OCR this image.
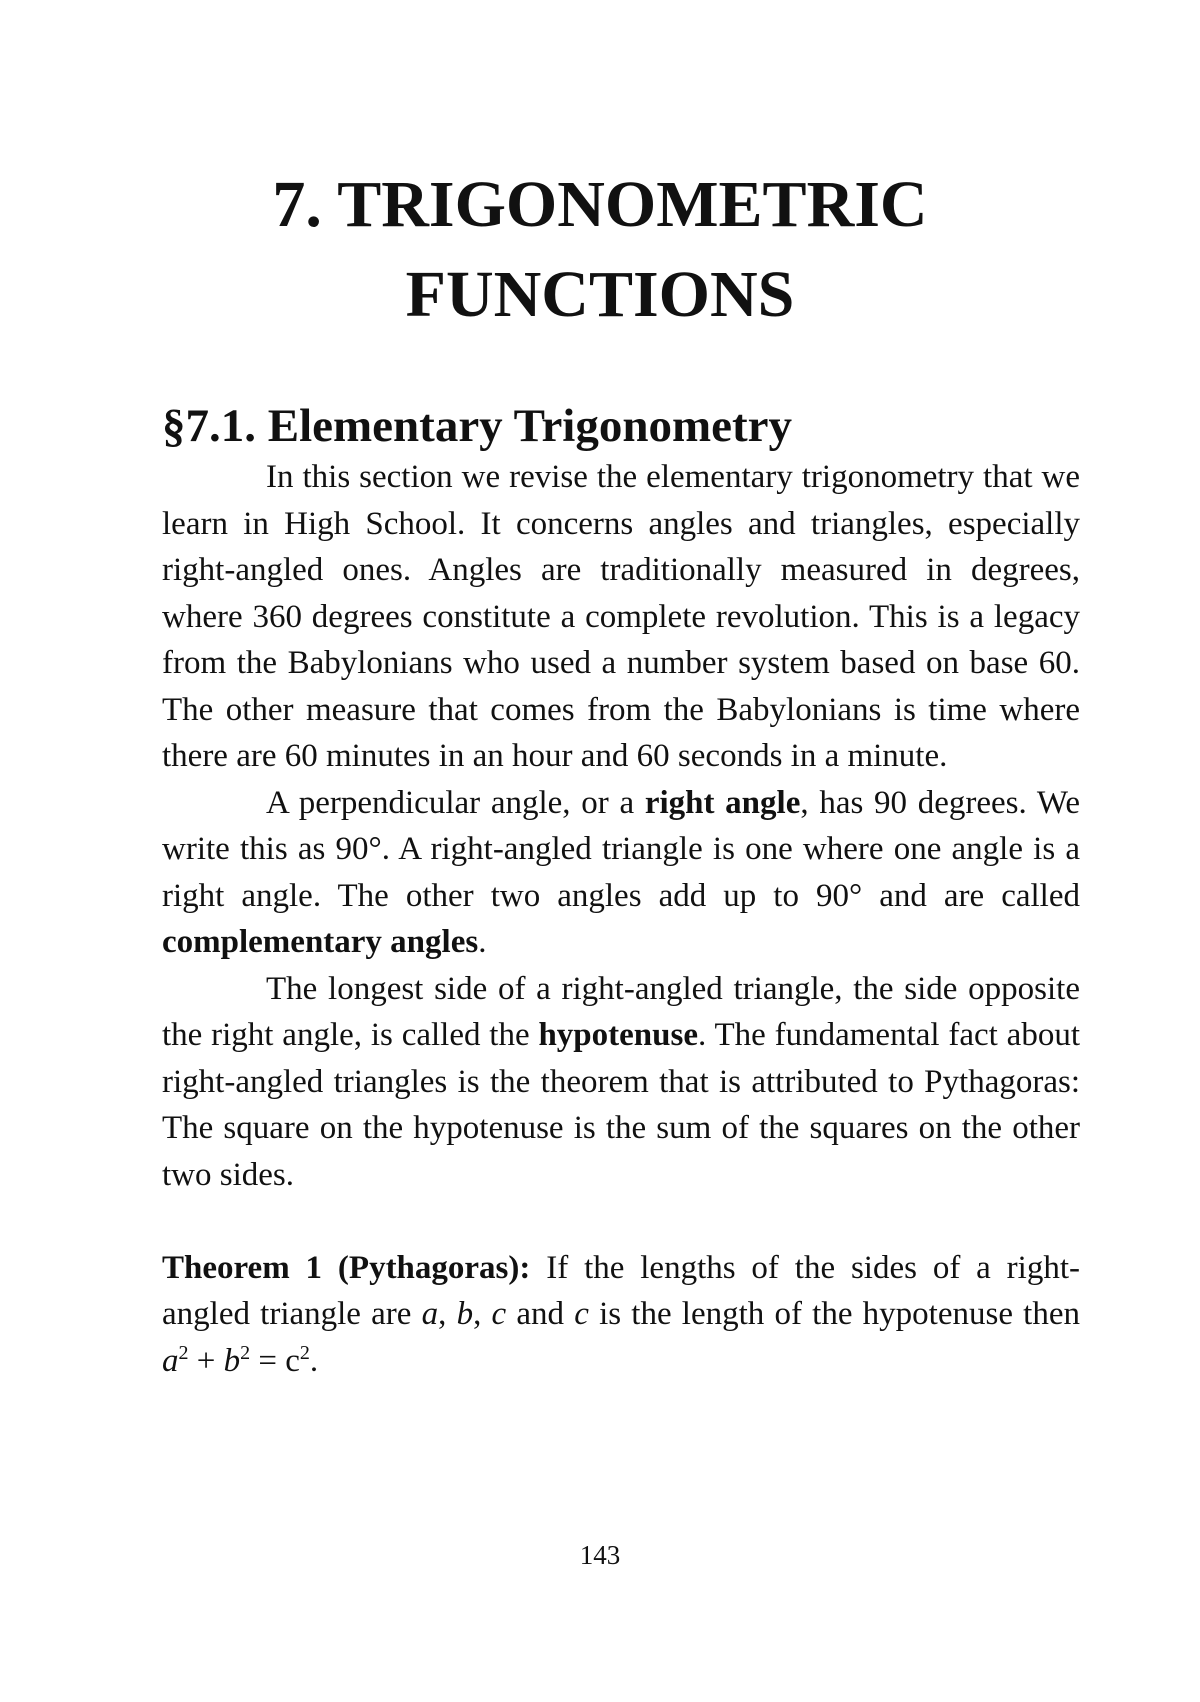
7. TRIGONOMETRIC
FUNCTIONS
§7.1. Elementary Trigonometry

In this section we revise the elementary trigonometry that we learn in High School. It concerns angles and triangles, especially right-angled ones. Angles are traditionally measured in degrees, where 360 degrees constitute a complete revolution. This is a legacy from the Babylonians who used a number system based on base 60. The other measure that comes from the Babylonians is time where there are 60 minutes in an hour and 60 seconds in a minute.

A perpendicular angle, or a right angle, has 90 degrees. We write this as 90°. A right-angled triangle is one where one angle is a right angle. The other two angles add up to 90° and are called complementary angles.

The longest side of a right-angled triangle, the side opposite the right angle, is called the hypotenuse. The fundamental fact about right-angled triangles is the theorem that is attributed to Pythagoras: The square on the hypotenuse is the sum of the squares on the other two sides.

Theorem 1 (Pythagoras): If the lengths of the sides of a right-angled triangle are a, b, c and c is the length of the hypotenuse then $a^2 + b^2 = c^2$.

143
